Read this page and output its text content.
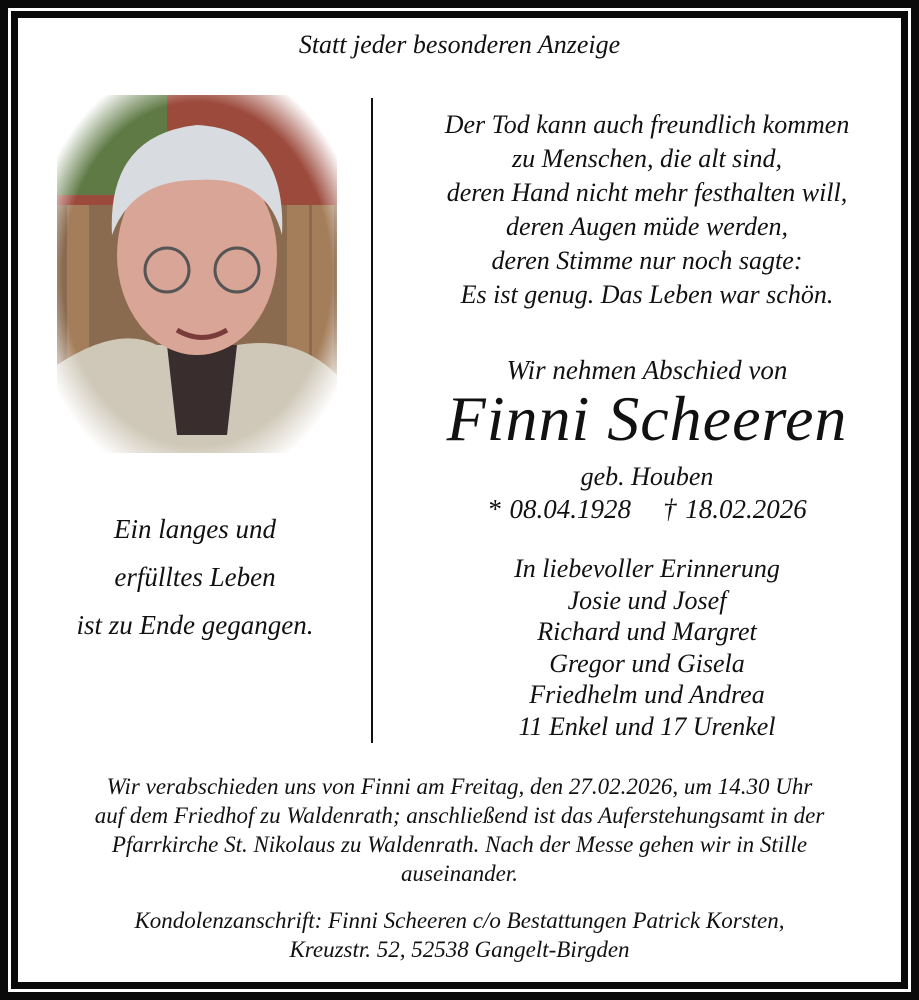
Statt jeder besonderen Anzeige
Der Tod kann auch freundlich kommen
zu Menschen, die alt sind,
deren Hand nicht mehr festhalten will,
deren Augen müde werden,
deren Stimme nur noch sagte:
Es ist genug. Das Leben war schön.
Wir nehmen Abschied von
Finni Scheeren
geb. Houben
* 08.04.1928 † 18.02.2026
In liebevoller Erinnerung
Josie und Josef
Richard und Margret
Gregor und Gisela
Friedhelm und Andrea
11 Enkel und 17 Urenkel
Ein langes und
erfülltes Leben
ist zu Ende gegangen.
Wir verabschieden uns von Finni am Freitag, den 27.02.2026, um 14.30 Uhr
auf dem Friedhof zu Waldenrath; anschließend ist das Auferstehungsamt in der
Pfarrkirche St. Nikolaus zu Waldenrath. Nach der Messe gehen wir in Stille
auseinander.
Kondolenzanschrift: Finni Scheeren c/o Bestattungen Patrick Korsten,
Kreuzstr. 52, 52538 Gangelt-Birgden
